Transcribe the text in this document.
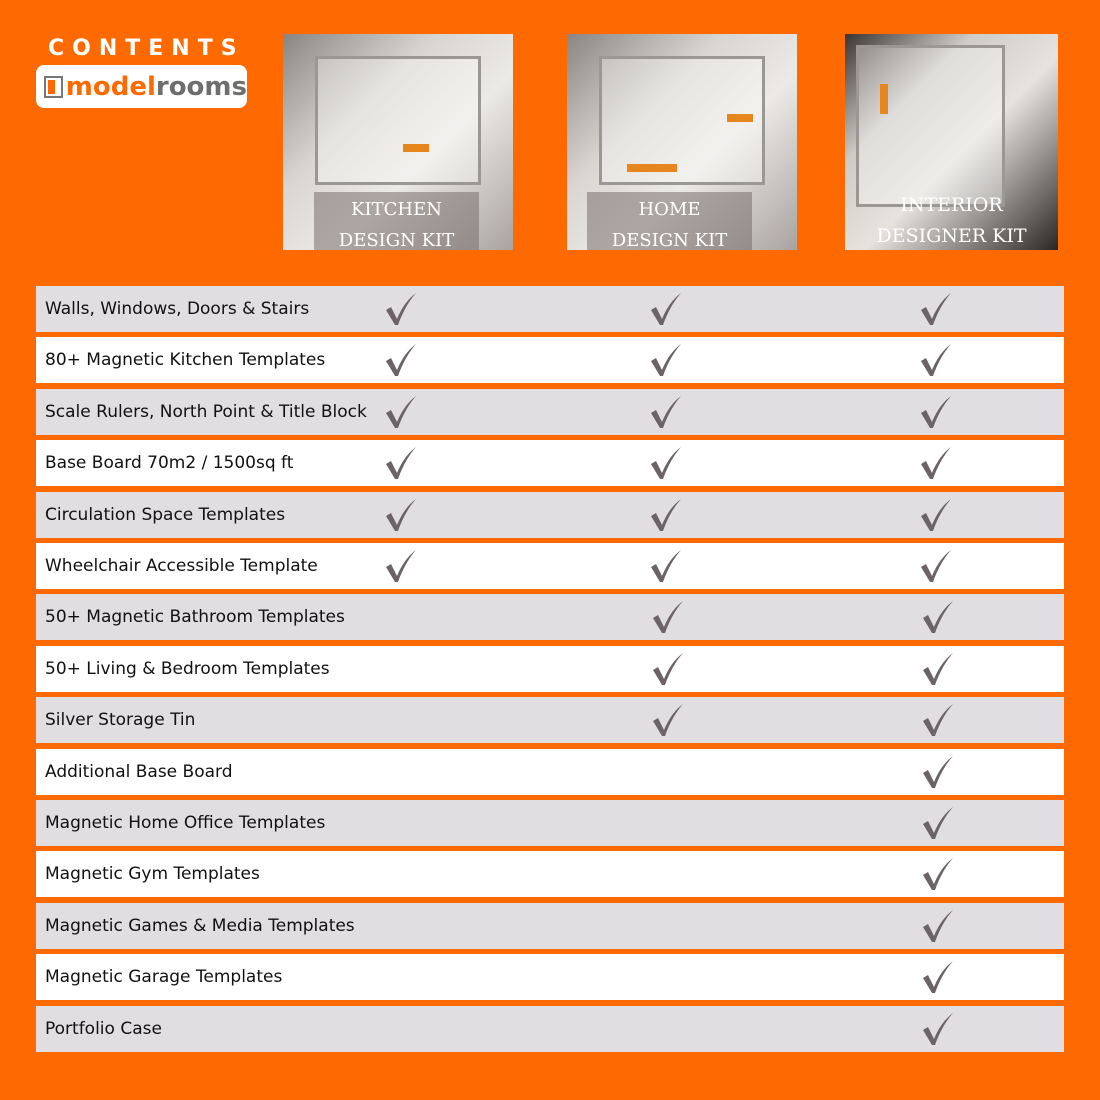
CONTENTS
model rooms
KITCHEN
DESIGN KIT
HOME
DESIGN KIT
INTERIOR
DESIGNER KIT
Walls, Windows, Doors & Stairs
80+ Magnetic Kitchen Templates
Scale Rulers, North Point & Title Block
Base Board 70m2 / 1500sq ft
Circulation Space Templates
Wheelchair Accessible Template
50+ Magnetic Bathroom Templates
50+ Living & Bedroom Templates
Silver Storage Tin
Additional Base Board
Magnetic Home Office Templates
Magnetic Gym Templates
Magnetic Games & Media Templates
Magnetic Garage Templates
Portfolio Case
